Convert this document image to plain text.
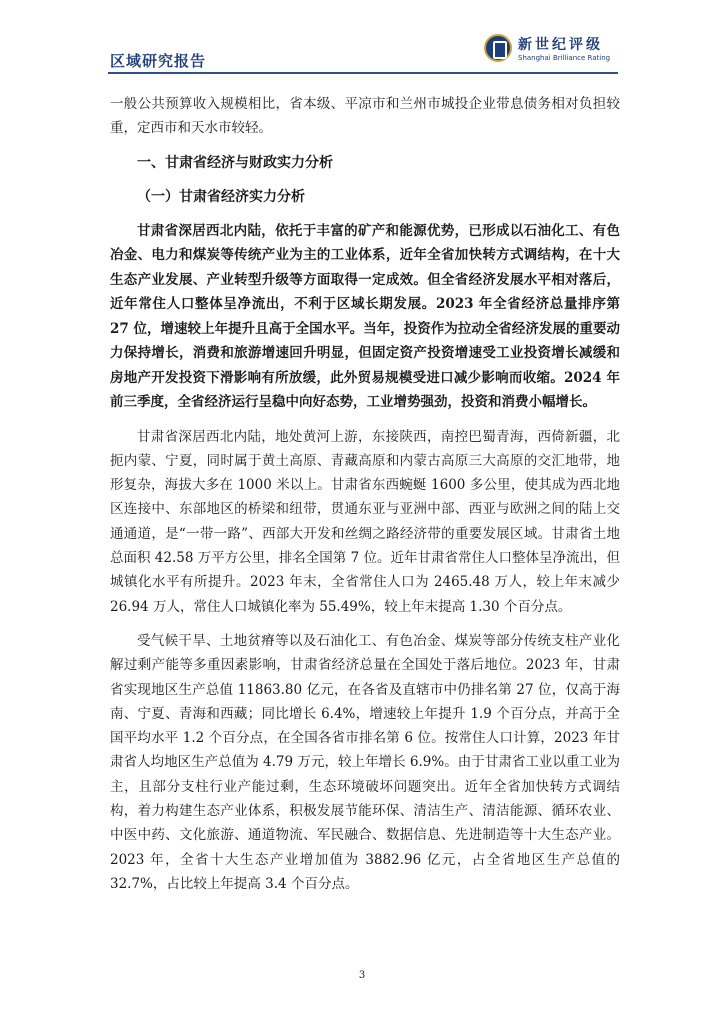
区域研究报告
新世纪评级
Shanghai Brilliance Rating

一般公共预算收入规模相比，省本级、平凉市和兰州市城投企业带息债务相对负担较重，定西市和天水市较轻。

一、甘肃省经济与财政实力分析
（一）甘肃省经济实力分析

甘肃省深居西北内陆，依托于丰富的矿产和能源优势，已形成以石油化工、有色冶金、电力和煤炭等传统产业为主的工业体系，近年全省加快转方式调结构，在十大生态产业发展、产业转型升级等方面取得一定成效。但全省经济发展水平相对落后，近年常住人口整体呈净流出，不利于区域长期发展。2023 年全省经济总量排序第 27 位，增速较上年提升且高于全国水平。当年，投资作为拉动全省经济发展的重要动力保持增长，消费和旅游增速回升明显，但固定资产投资增速受工业投资增长减缓和房地产开发投资下滑影响有所放缓，此外贸易规模受进口减少影响而收缩。2024 年前三季度，全省经济运行呈稳中向好态势，工业增势强劲，投资和消费小幅增长。

甘肃省深居西北内陆，地处黄河上游，东接陕西，南控巴蜀青海，西倚新疆，北扼内蒙、宁夏，同时属于黄土高原、青藏高原和内蒙古高原三大高原的交汇地带，地形复杂，海拔大多在 1000 米以上。甘肃省东西蜿蜒 1600 多公里，使其成为西北地区连接中、东部地区的桥梁和纽带，贯通东亚与亚洲中部、西亚与欧洲之间的陆上交通通道，是“一带一路”、西部大开发和丝绸之路经济带的重要发展区域。甘肃省土地总面积 42.58 万平方公里，排名全国第 7 位。近年甘肃省常住人口整体呈净流出，但城镇化水平有所提升。2023 年末，全省常住人口为 2465.48 万人，较上年末减少 26.94 万人，常住人口城镇化率为 55.49%，较上年末提高 1.30 个百分点。

受气候干旱、土地贫瘠等以及石油化工、有色冶金、煤炭等部分传统支柱产业化解过剩产能等多重因素影响，甘肃省经济总量在全国处于落后地位。2023 年，甘肃省实现地区生产总值 11863.80 亿元，在各省及直辖市中仍排名第 27 位，仅高于海南、宁夏、青海和西藏；同比增长 6.4%，增速较上年提升 1.9 个百分点，并高于全国平均水平 1.2 个百分点，在全国各省市排名第 6 位。按常住人口计算，2023 年甘肃省人均地区生产总值为 4.79 万元，较上年增长 6.9%。由于甘肃省工业以重工业为主，且部分支柱行业产能过剩，生态环境破坏问题突出。近年全省加快转方式调结构，着力构建生态产业体系，积极发展节能环保、清洁生产、清洁能源、循环农业、中医中药、文化旅游、通道物流、军民融合、数据信息、先进制造等十大生态产业。2023 年，全省十大生态产业增加值为 3882.96 亿元，占全省地区生产总值的 32.7%，占比较上年提高 3.4 个百分点。

3
